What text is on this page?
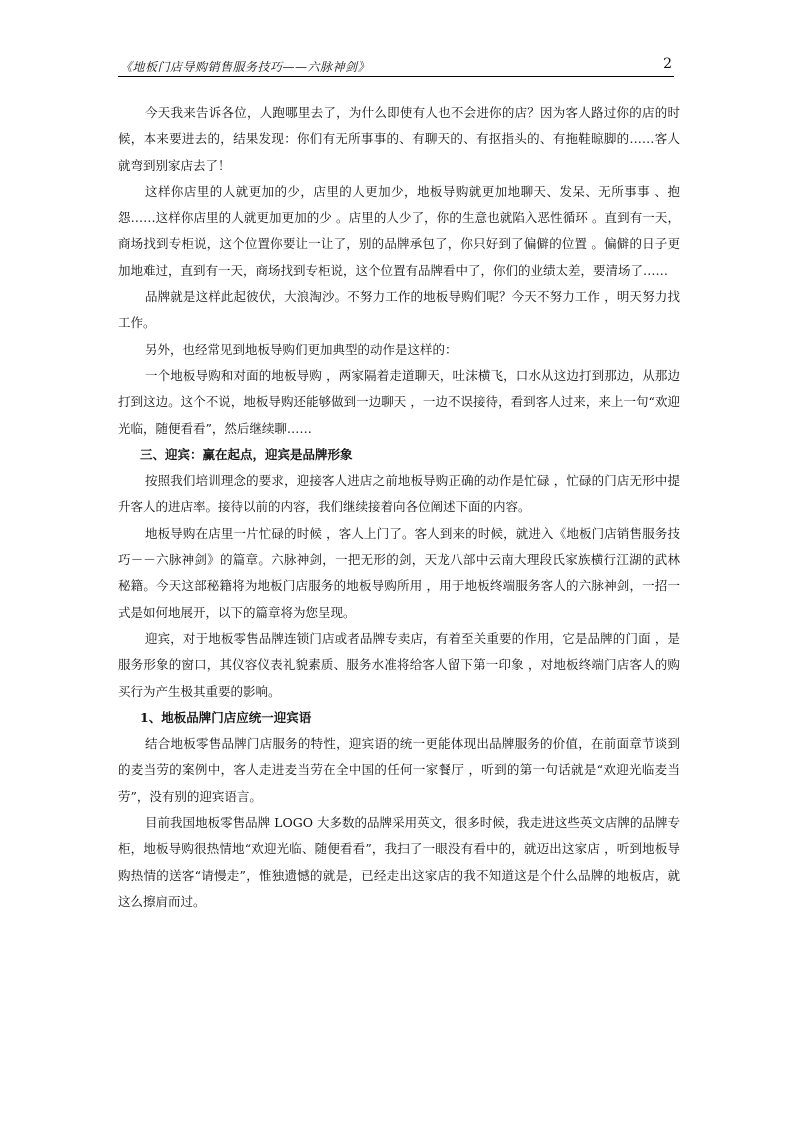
《地板门店导购销售服务技巧——六脉神剑》	2

今天我来告诉各位，人跑哪里去了，为什么即使有人也不会进你的店？因为客人路过你的店的时候，本来要进去的，结果发现：你们有无所事事的、有聊天的、有抠指头的、有拖鞋晾脚的……客人就弯到别家店去了！

这样你店里的人就更加的少，店里的人更加少，地板导购就更加地聊天、发呆、无所事事 、抱怨……这样你店里的人就更加更加的少 。店里的人少了，你的生意也就陷入恶性循环 。直到有一天，商场找到专柜说，这个位置你要让一让了，别的品牌承包了，你只好到了偏僻的位置 。偏僻的日子更加地难过，直到有一天，商场找到专柜说，这个位置有品牌看中了，你们的业绩太差，要清场了……

品牌就是这样此起彼伏，大浪淘沙。不努力工作的地板导购们呢？今天不努力工作 ，明天努力找工作。

另外，也经常见到地板导购们更加典型的动作是这样的：

一个地板导购和对面的地板导购 ，两家隔着走道聊天，吐沫横飞，口水从这边打到那边，从那边打到这边。这个不说，地板导购还能够做到一边聊天 ，一边不误接待，看到客人过来，来上一句“欢迎光临，随便看看”，然后继续聊……

三、迎宾：赢在起点，迎宾是品牌形象

按照我们培训理念的要求，迎接客人进店之前地板导购正确的动作是忙碌 ，忙碌的门店无形中提升客人的进店率。接待以前的内容，我们继续接着向各位阐述下面的内容。

地板导购在店里一片忙碌的时候 ，客人上门了。客人到来的时候，就进入《地板门店销售服务技巧－－六脉神剑》的篇章。六脉神剑，一把无形的剑，天龙八部中云南大理段氏家族横行江湖的武林秘籍。今天这部秘籍将为地板门店服务的地板导购所用 ，用于地板终端服务客人的六脉神剑，一招一式是如何地展开，以下的篇章将为您呈现。

迎宾，对于地板零售品牌连锁门店或者品牌专卖店，有着至关重要的作用，它是品牌的门面 ，是服务形象的窗口，其仪容仪表礼貌素质、服务水准将给客人留下第一印象 ，对地板终端门店客人的购买行为产生极其重要的影响。

1、地板品牌门店应统一迎宾语

结合地板零售品牌门店服务的特性，迎宾语的统一更能体现出品牌服务的价值，在前面章节谈到的麦当劳的案例中，客人走进麦当劳在全中国的任何一家餐厅 ，听到的第一句话就是“欢迎光临麦当劳”，没有别的迎宾语言。

目前我国地板零售品牌 LOGO 大多数的品牌采用英文，很多时候，我走进这些英文店牌的品牌专柜，地板导购很热情地“欢迎光临、随便看看”，我扫了一眼没有看中的，就迈出这家店 ，听到地板导购热情的送客“请慢走”，惟独遗憾的就是，已经走出这家店的我不知道这是个什么品牌的地板店，就这么擦肩而过。
